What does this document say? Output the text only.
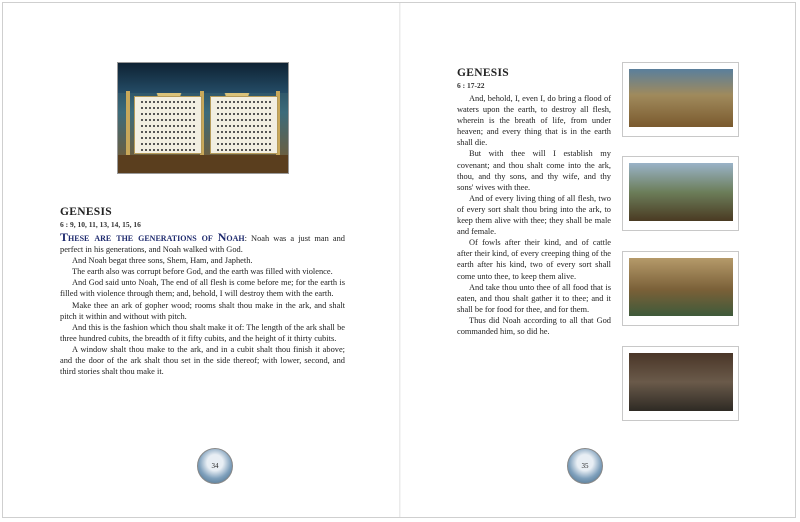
GENESIS
6 : 9, 10, 11, 13, 14, 15, 16

These are the generations of Noah: Noah was a just man and perfect in his generations, and Noah walked with God.

And Noah begat three sons, Shem, Ham, and Japheth.

The earth also was corrupt before God, and the earth was filled with violence.

And God said unto Noah, The end of all flesh is come before me; for the earth is filled with violence through them; and, behold, I will destroy them with the earth.

Make thee an ark of gopher wood; rooms shalt thou make in the ark, and shalt pitch it within and without with pitch.

And this is the fashion which thou shalt make it of: The length of the ark shall be three hundred cubits, the breadth of it fifty cubits, and the height of it thirty cubits.

A window shalt thou make to the ark, and in a cubit shalt thou finish it above; and the door of the ark shalt thou set in the side thereof; with lower, second, and third stories shalt thou make it.

34
GENESIS
6 : 17-22

And, behold, I, even I, do bring a flood of waters upon the earth, to destroy all flesh, wherein is the breath of life, from under heaven; and every thing that is in the earth shall die.

But with thee will I establish my covenant; and thou shalt come into the ark, thou, and thy sons, and thy wife, and thy sons' wives with thee.

And of every living thing of all flesh, two of every sort shalt thou bring into the ark, to keep them alive with thee; they shall be male and female.

Of fowls after their kind, and of cattle after their kind, of every creeping thing of the earth after his kind, two of every sort shall come unto thee, to keep them alive.

And take thou unto thee of all food that is eaten, and thou shalt gather it to thee; and it shall be for food for thee, and for them.

Thus did Noah according to all that God commanded him, so did he.

35
